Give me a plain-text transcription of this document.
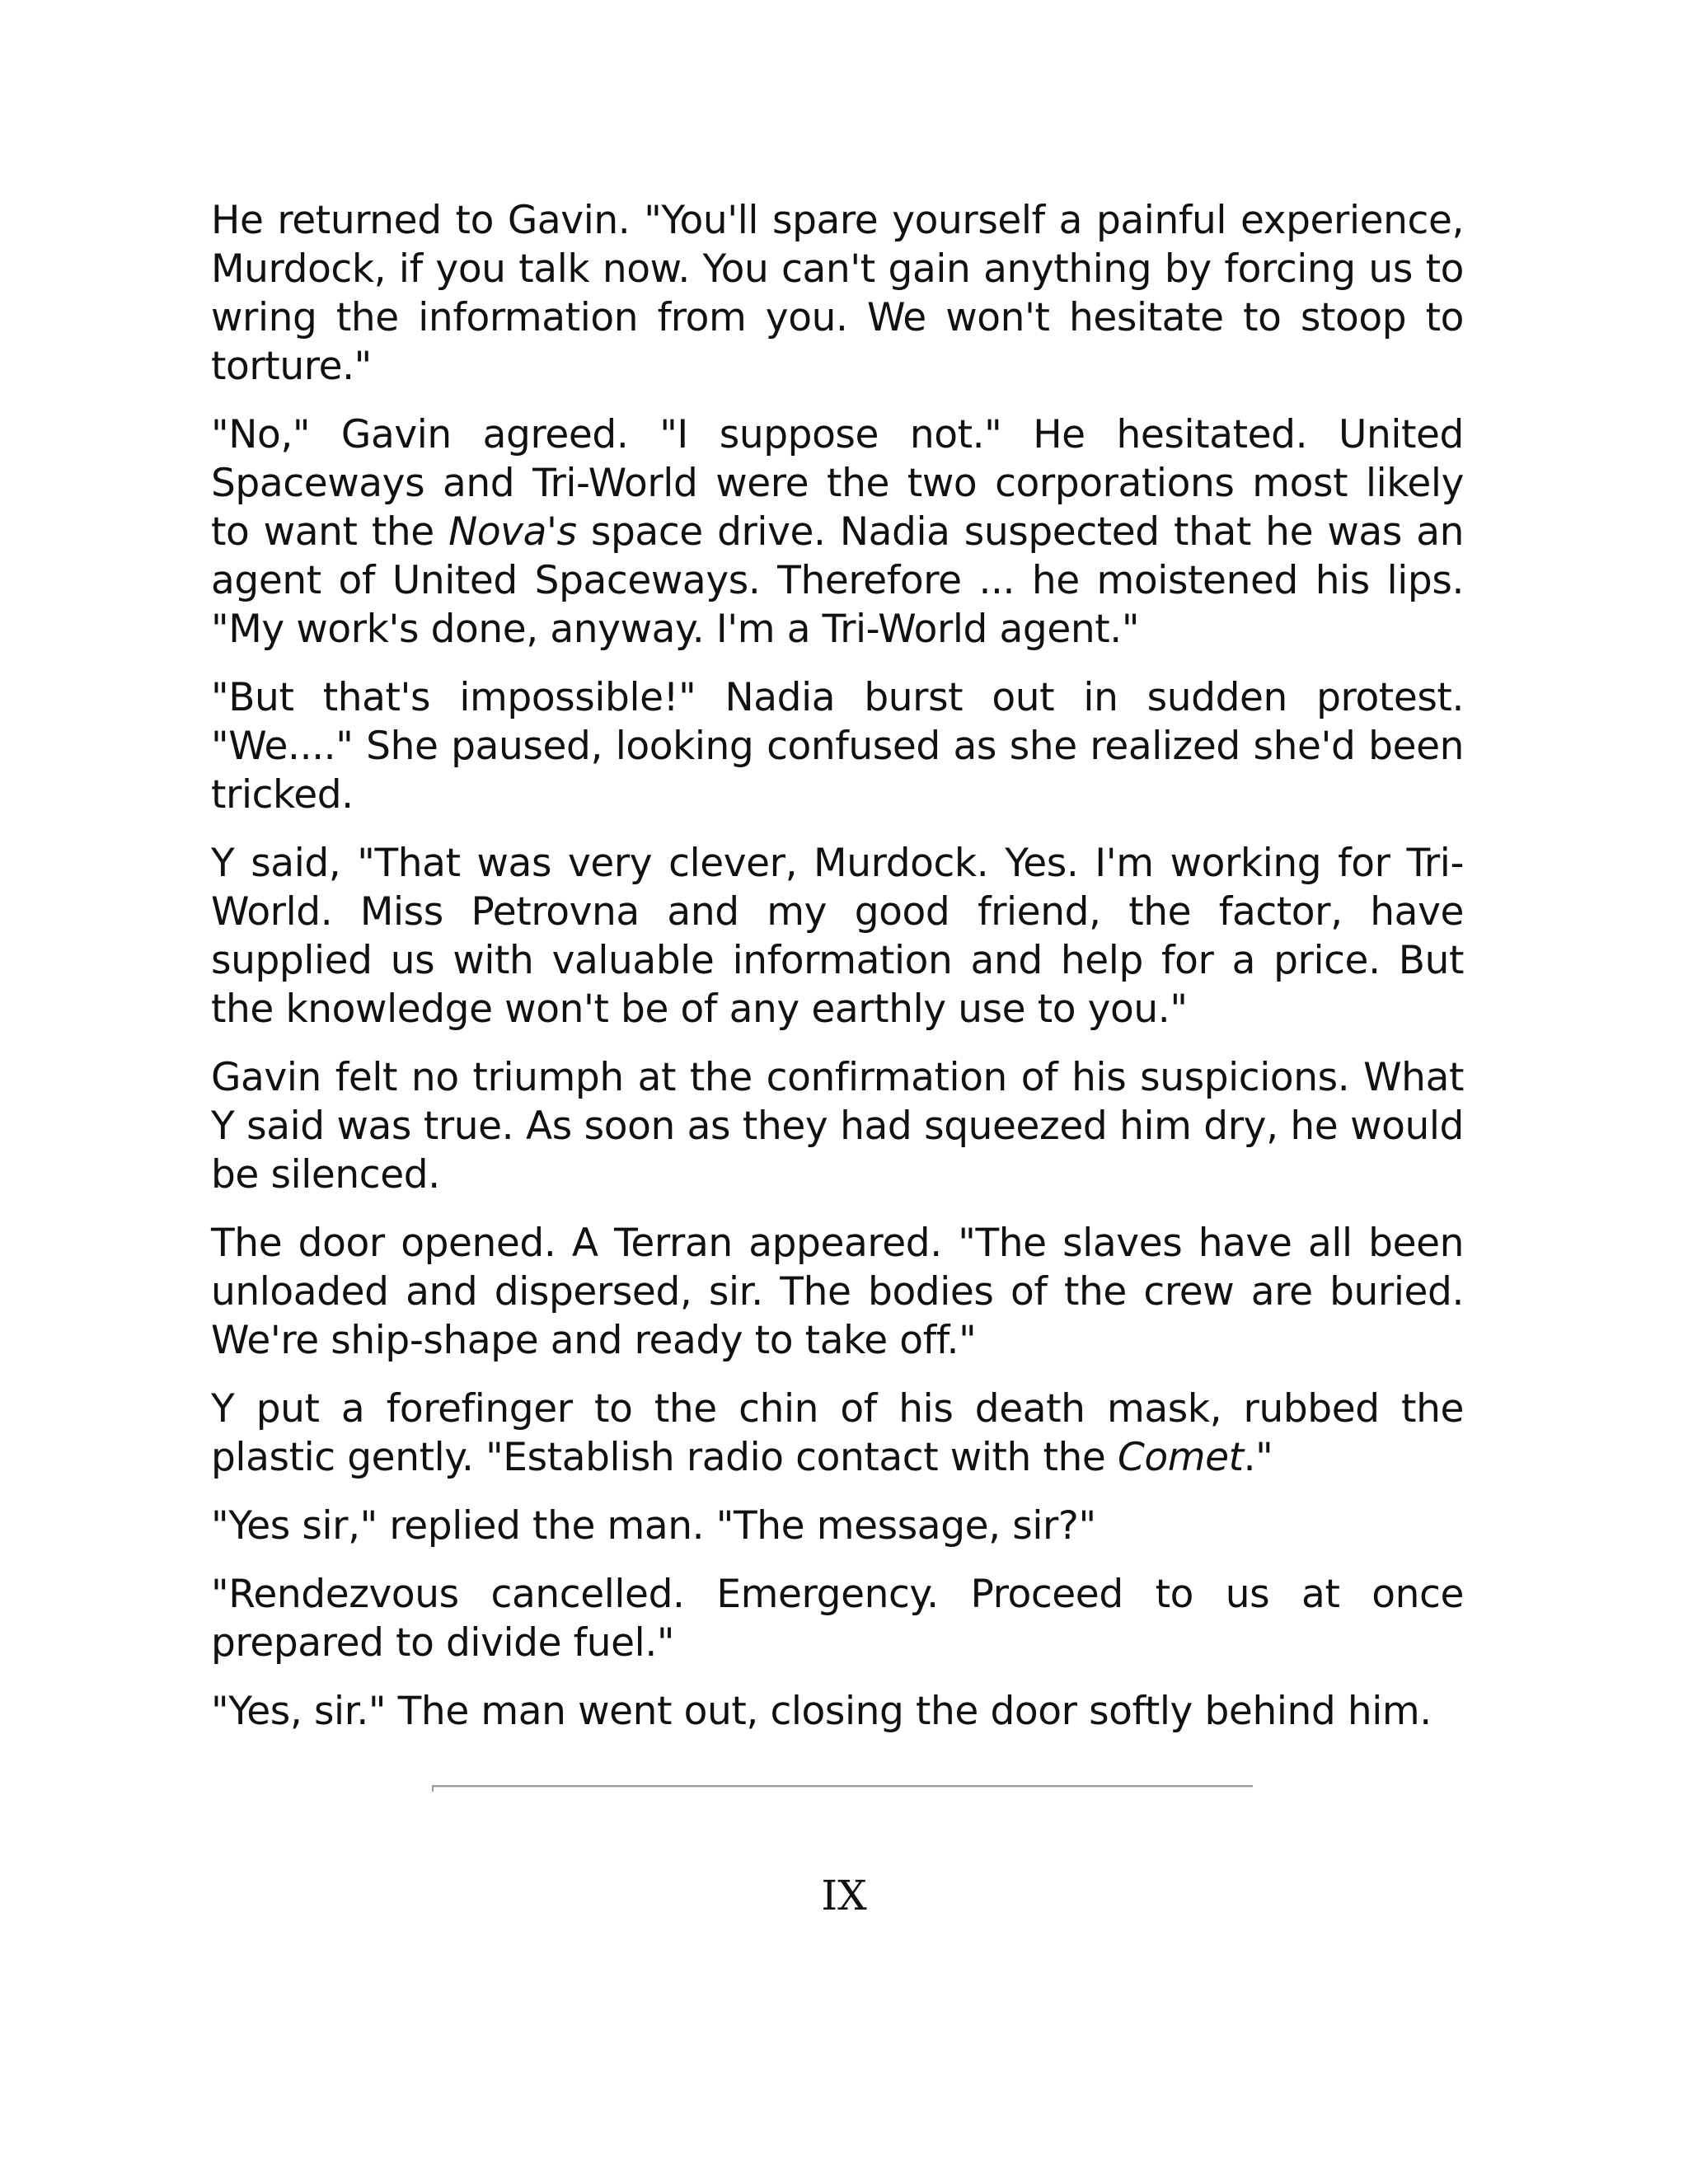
He returned to Gavin. "You'll spare yourself a painful experience, Murdock, if you talk now. You can't gain anything by forcing us to wring the information from you. We won't hesitate to stoop to torture."

"No," Gavin agreed. "I suppose not." He hesitated. United Spaceways and Tri-World were the two corporations most likely to want the Nova's space drive. Nadia suspected that he was an agent of United Spaceways. Therefore ... he moistened his lips. "My work's done, anyway. I'm a Tri-World agent."

"But that's impossible!" Nadia burst out in sudden protest. "We...." She paused, looking confused as she realized she'd been tricked.

Y said, "That was very clever, Murdock. Yes. I'm working for Tri-World. Miss Petrovna and my good friend, the factor, have supplied us with valuable information and help for a price. But the knowledge won't be of any earthly use to you."

Gavin felt no triumph at the confirmation of his suspicions. What Y said was true. As soon as they had squeezed him dry, he would be silenced.

The door opened. A Terran appeared. "The slaves have all been unloaded and dispersed, sir. The bodies of the crew are buried. We're ship-shape and ready to take off."

Y put a forefinger to the chin of his death mask, rubbed the plastic gently. "Establish radio contact with the Comet."

"Yes sir," replied the man. "The message, sir?"

"Rendezvous cancelled. Emergency. Proceed to us at once prepared to divide fuel."

"Yes, sir." The man went out, closing the door softly behind him.

IX
